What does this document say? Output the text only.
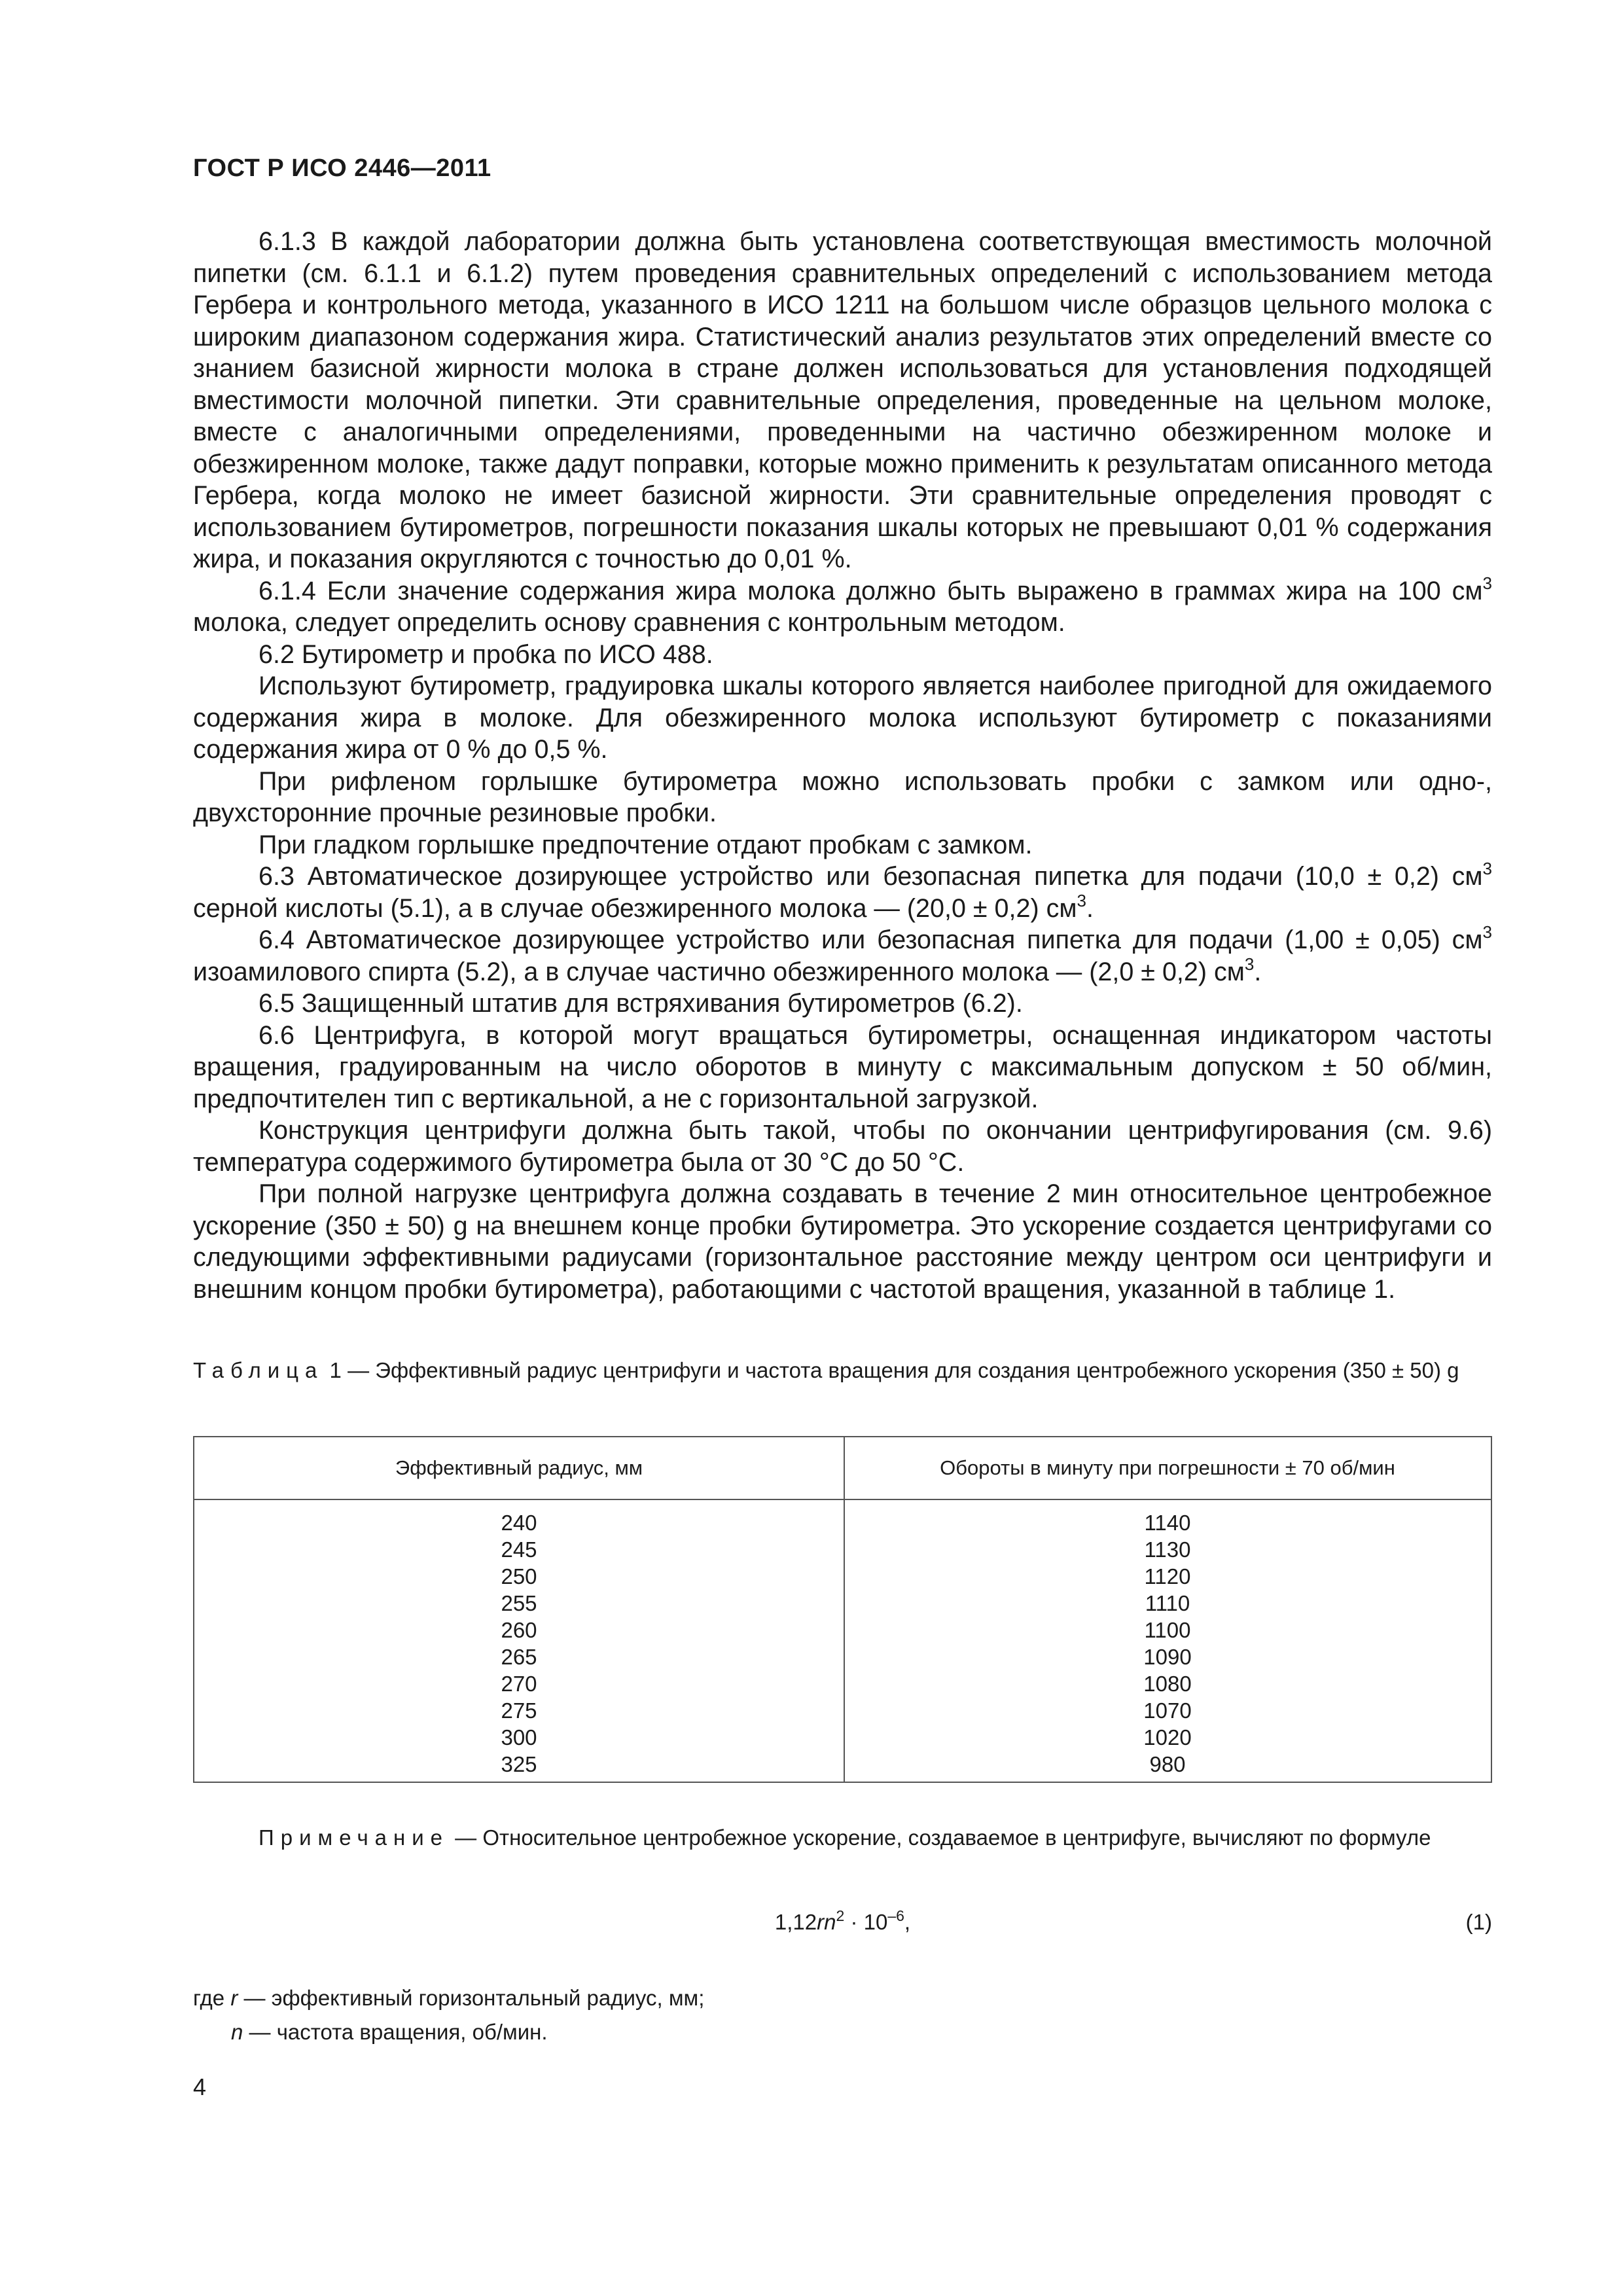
ГОСТ Р ИСО 2446—2011

6.1.3 В каждой лаборатории должна быть установлена соответствующая вместимость молочной пипетки (см. 6.1.1 и 6.1.2) путем проведения сравнительных определений с использованием метода Гербера и контрольного метода, указанного в ИСО 1211 на большом числе образцов цельного молока с широким диапазоном содержания жира. Статистический анализ результатов этих определений вместе со знанием базисной жирности молока в стране должен использоваться для установления подходящей вместимости молочной пипетки. Эти сравнительные определения, проведенные на цельном молоке, вместе с аналогичными определениями, проведенными на частично обезжиренном молоке и обезжиренном молоке, также дадут поправки, которые можно применить к результатам описанного метода Гербера, когда молоко не имеет базисной жирности. Эти сравнительные определения проводят с использованием бутирометров, погрешности показания шкалы которых не превышают 0,01 % содержания жира, и показания округляются с точностью до 0,01 %.

6.1.4 Если значение содержания жира молока должно быть выражено в граммах жира на 100 $см^3$ молока, следует определить основу сравнения с контрольным методом.

6.2 Бутирометр и пробка по ИСО 488.

Используют бутирометр, градуировка шкалы которого является наиболее пригодной для ожидаемого содержания жира в молоке. Для обезжиренного молока используют бутирометр с показаниями содержания жира от 0 % до 0,5 %.

При рифленом горлышке бутирометра можно использовать пробки с замком или одно-, двухсторонние прочные резиновые пробки.

При гладком горлышке предпочтение отдают пробкам с замком.

6.3 Автоматическое дозирующее устройство или безопасная пипетка для подачи (10,0 ± 0,2) $см^3$ серной кислоты (5.1), а в случае обезжиренного молока — (20,0 ± 0,2) $см^3$.

6.4 Автоматическое дозирующее устройство или безопасная пипетка для подачи (1,00 ± 0,05) $см^3$ изоамилового спирта (5.2), а в случае частично обезжиренного молока — (2,0 ± 0,2) $см^3$.

6.5 Защищенный штатив для встряхивания бутирометров (6.2).

6.6 Центрифуга, в которой могут вращаться бутирометры, оснащенная индикатором частоты вращения, градуированным на число оборотов в минуту с максимальным допуском ± 50 об/мин, предпочтителен тип с вертикальной, а не с горизонтальной загрузкой.

Конструкция центрифуги должна быть такой, чтобы по окончании центрифугирования (см. 9.6) температура содержимого бутирометра была от 30 °С до 50 °С.

При полной нагрузке центрифуга должна создавать в течение 2 мин относительное центробежное ускорение (350 ± 50) g на внешнем конце пробки бутирометра. Это ускорение создается центрифугами со следующими эффективными радиусами (горизонтальное расстояние между центром оси центрифуги и внешним концом пробки бутирометра), работающими с частотой вращения, указанной в таблице 1.

Таблица 1 — Эффективный радиус центрифуги и частота вращения для создания центробежного ускорения (350 ± 50) g
Эффективный радиус, мм	Обороты в минуту при погрешности ± 70 об/мин
240
245
250
255
260
265
270
275
300
325
1140
1130
1120
1110
1100
1090
1080
1070
1020
980
Примечание — Относительное центробежное ускорение, создаваемое в центрифуге, вычисляют по формуле
$1,12rn^2 \cdot 10^{-6}$,	(1)
где r — эффективный горизонтальный радиус, мм;
n — частота вращения, об/мин.
4
